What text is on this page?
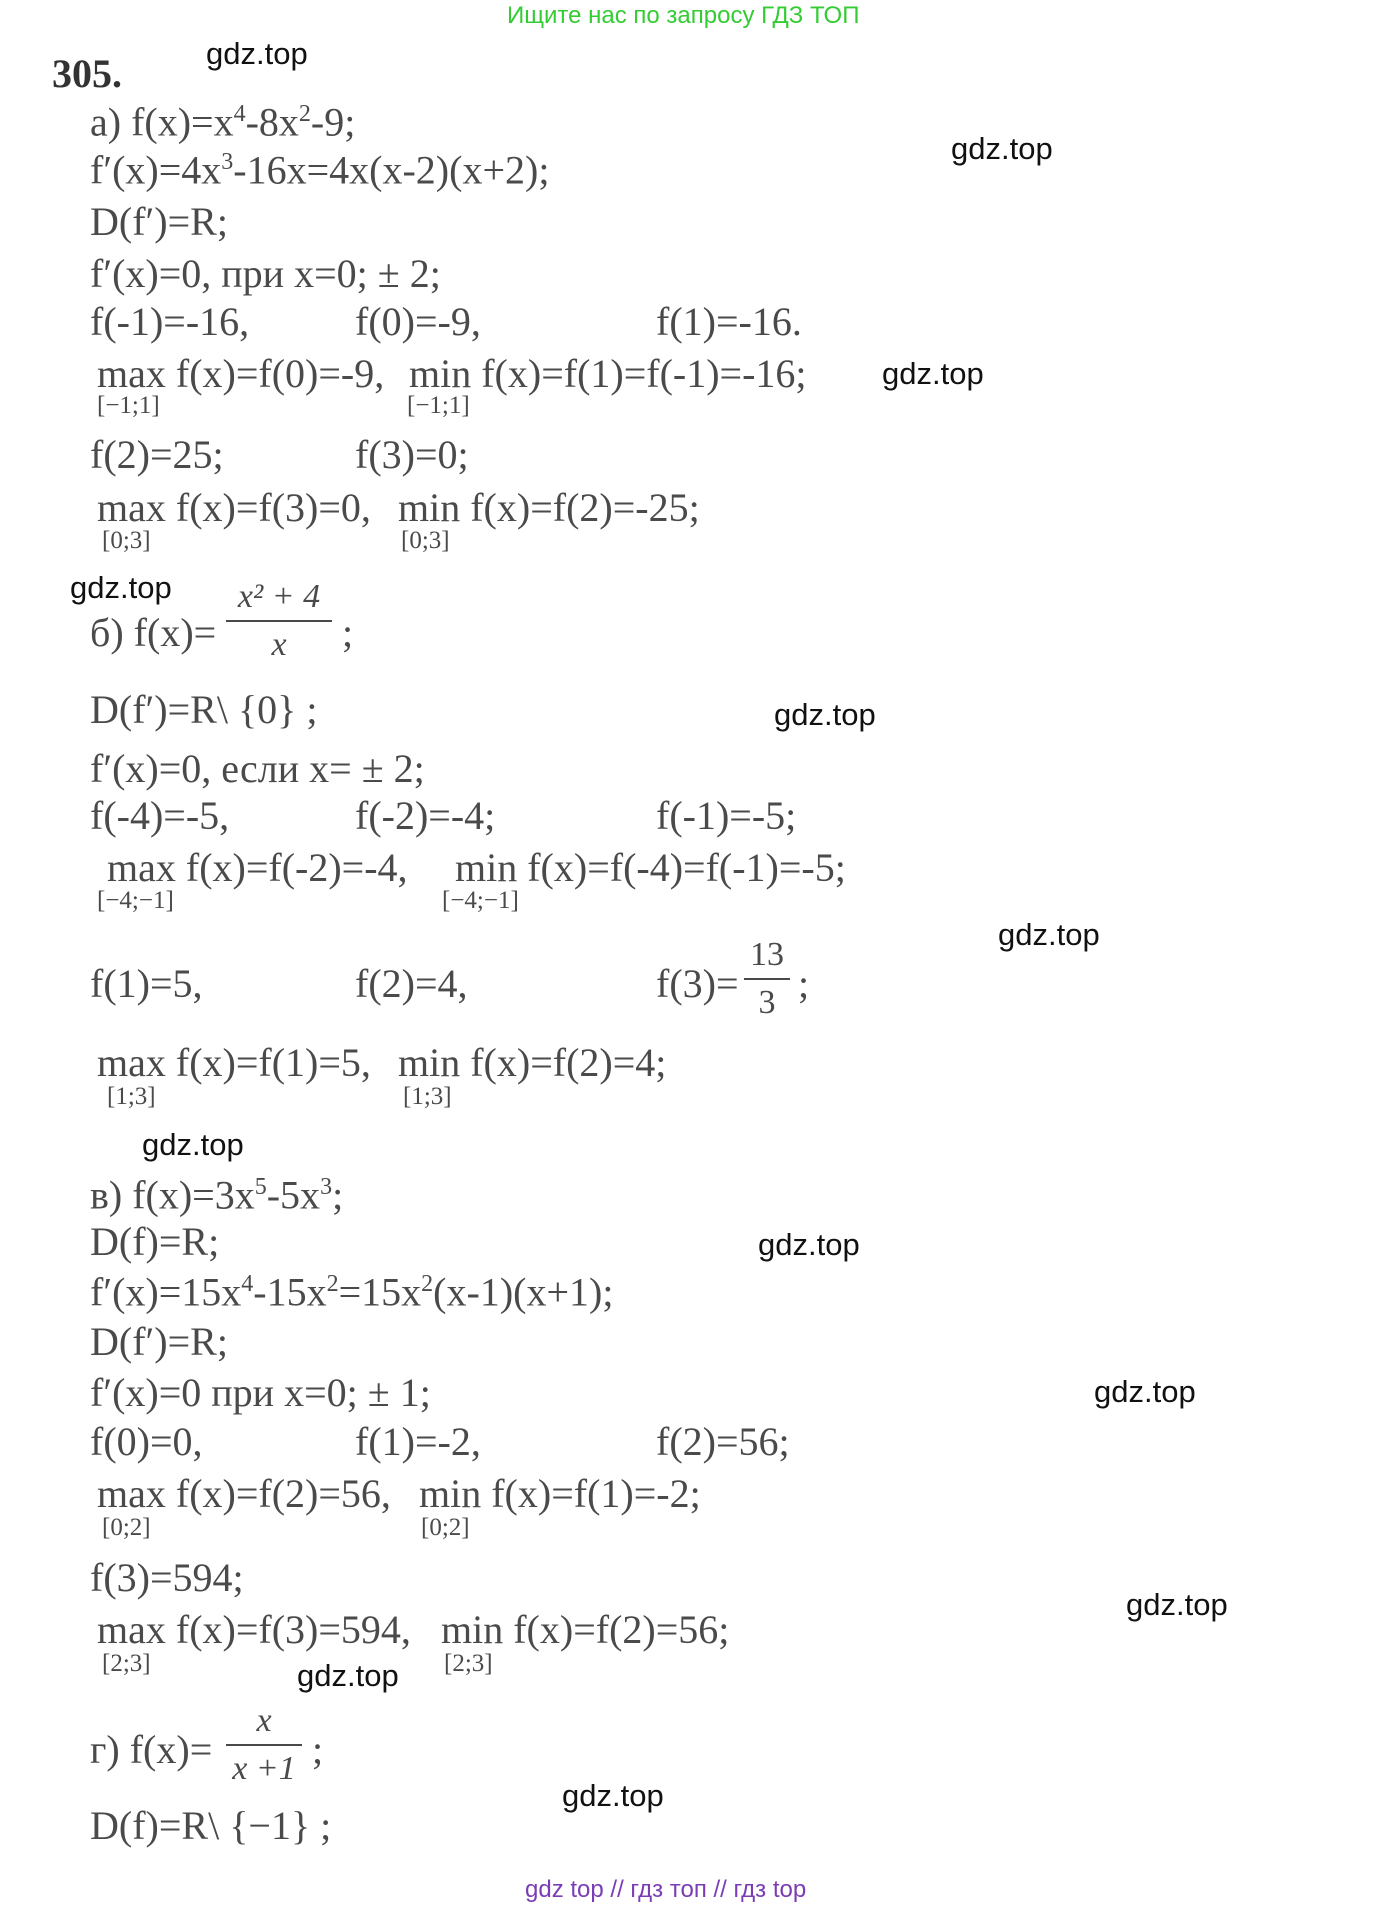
Ищите нас по запросу ГДЗ ТОП
305.	gdz.top
gdz.top
gdz.top
gdz.top
gdz.top
gdz.top
gdz.top
gdz.top
gdz.top
gdz.top
gdz.top
gdz.top
а) $f(x)=x^4-8x^2-9$;
$f'(x)=4x^3-16x=4x(x-2)(x+2)$;
D(f′)=R;
f′(x)=0, при x=0; ± 2;
f(-1)=-16,	f(0)=-9,	f(1)=-16.
max f(x)=f(0)=-9,
[−1;1]
min f(x)=f(1)=f(-1)=-16;
[−1;1]
f(2)=25;	f(3)=0;
max f(x)=f(3)=0,
[0;3]
min f(x)=f(2)=-25;
[0;3]
б) f(x)=
x² + 4
x	;
D(f′)=R\ {0} ;
f′(x)=0, если x= ± 2;
f(-4)=-5,	f(-2)=-4;	f(-1)=-5;
max f(x)=f(-2)=-4,
[−4;−1]
min f(x)=f(-4)=f(-1)=-5;
[−4;−1]
f(1)=5,	f(2)=4,	f(3)=
13
3 ;
max f(x)=f(1)=5,
[1;3]
min f(x)=f(2)=4;
[1;3]
в) $f(x)=3x^5-5x^3$;
D(f)=R;
$f'(x)=15x^4-15x^2=15x^2(x-1)(x+1)$;
D(f′)=R;
f′(x)=0 при x=0; ± 1;
f(0)=0,	f(1)=-2,	f(2)=56;
max f(x)=f(2)=56,
[0;2]
min f(x)=f(1)=-2;
[0;2]
f(3)=594;
max f(x)=f(3)=594,
[2;3]
min f(x)=f(2)=56;
[2;3]
г) f(x)=
x
x +1 ;
D(f)=R\ {−1} ;
gdz top // гдз топ // гдз top
